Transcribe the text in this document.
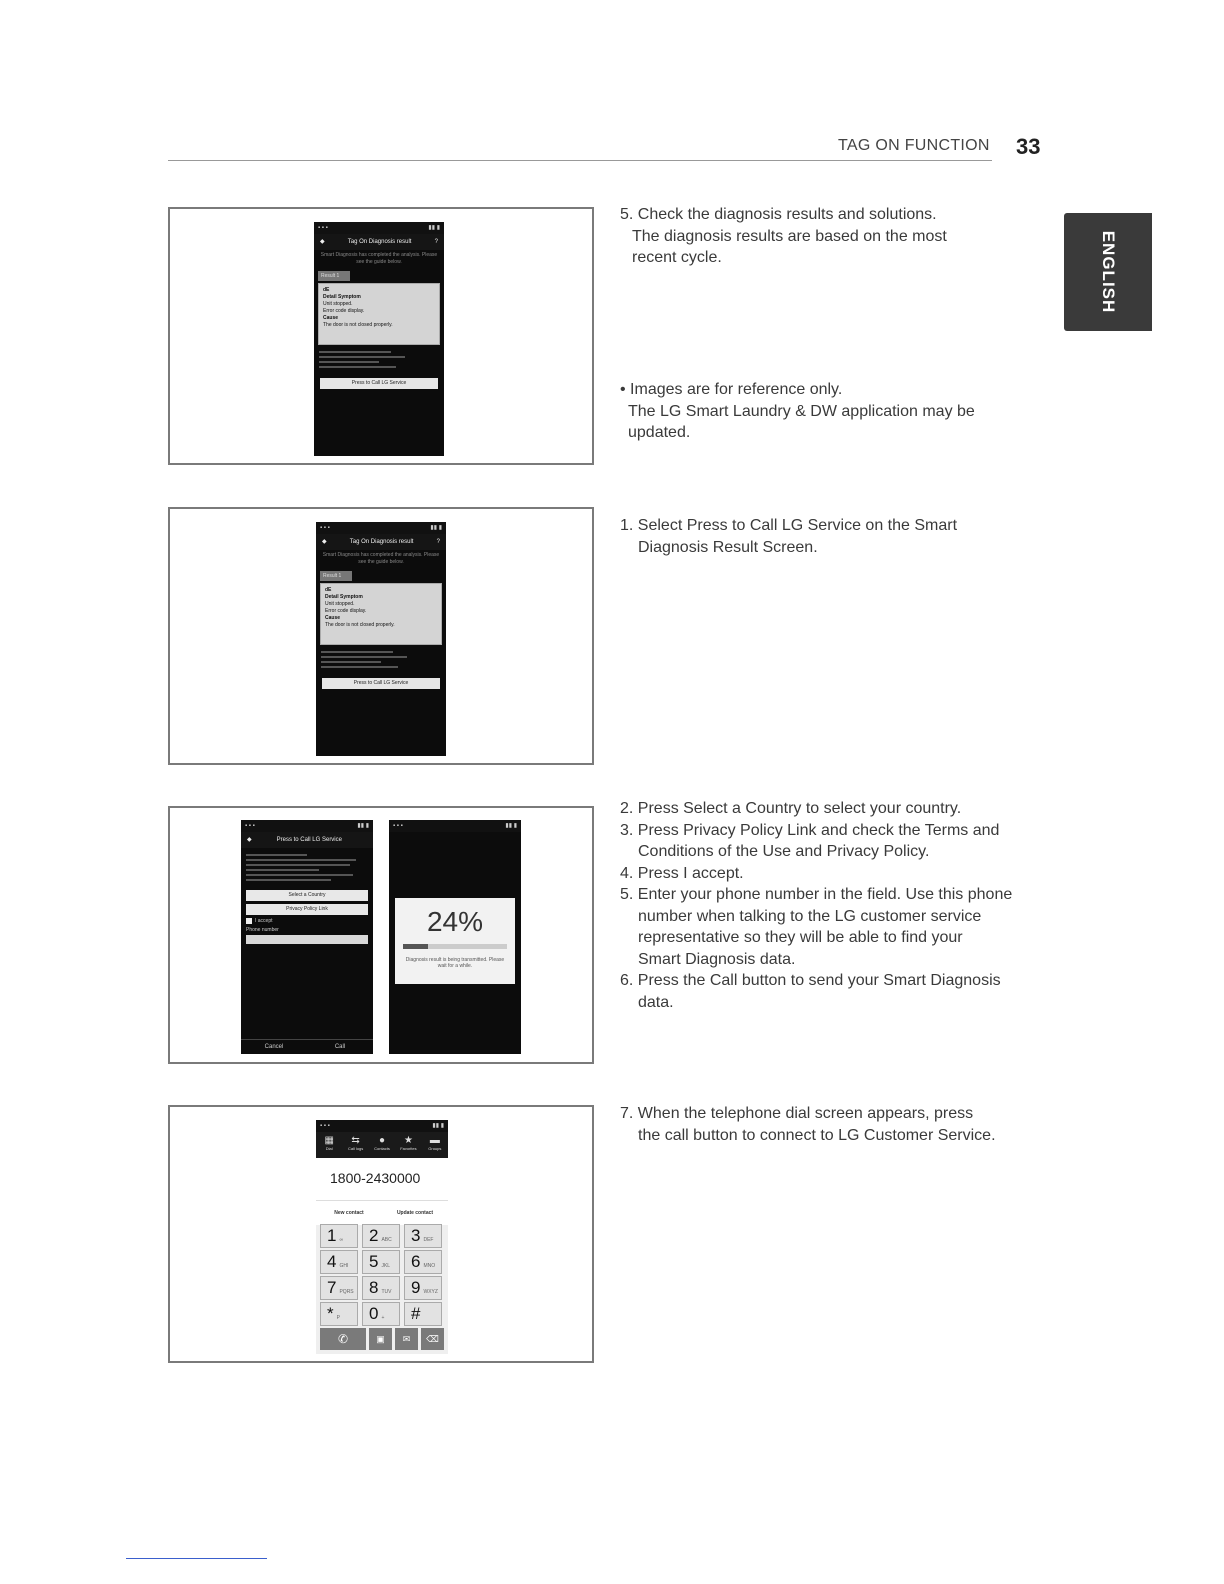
TAG ON FUNCTION 33
ENGLISH
▪ ▪ ▪	▮▮ ▮
◆	Tag On Diagnosis result	?
Smart Diagnosis has completed the analysis. Please see the guide below.
Result 1
dE
Detail Symptom
Unit stopped.
Error code display.
Cause
The door is not closed properly.
Press to Call LG Service

5. Check the diagnosis results and solutions.

The diagnosis results are based on the most

recent cycle.

• Images are for reference only.

The LG Smart Laundry & DW application may be

updated.

▪ ▪ ▪	▮▮ ▮
◆	Tag On Diagnosis result	?
Smart Diagnosis has completed the analysis. Please see the guide below.
Result 1
dE
Detail Symptom
Unit stopped.
Error code display.
Cause
The door is not closed properly.
Press to Call LG Service

1. Select Press to Call LG Service on the Smart

Diagnosis Result Screen.

▪ ▪ ▪	▮▮ ▮
◆	Press to Call LG Service
Select a Country
Privacy Policy Link
I accept
Phone number
Cancel	Call
▪ ▪ ▪	▮▮ ▮
24%
Diagnosis result is being transmitted. Please wait for a while.

2. Press Select a Country to select your country.

3. Press Privacy Policy Link and check the Terms and

Conditions of the Use and Privacy Policy.

4. Press I accept.

5. Enter your phone number in the field. Use this phone

number when talking to the LG customer service

representative so they will be able to find your

Smart Diagnosis data.

6. Press the Call button to send your Smart Diagnosis

data.

▪ ▪ ▪	▮▮ ▮
▦
Dial
⇆
Call logs
●
Contacts
★
Favorites
▬
Groups
1800-2430000
New contact	Update contact
1 ∞	2 ABC	3 DEF
4 GHI	5 JKL	6 MNO
7 PQRS 8 TUV	9 WXYZ
* P	0 +	#
✆	▣	✉	⌫

7. When the telephone dial screen appears, press

the call button to connect to LG Customer Service.
